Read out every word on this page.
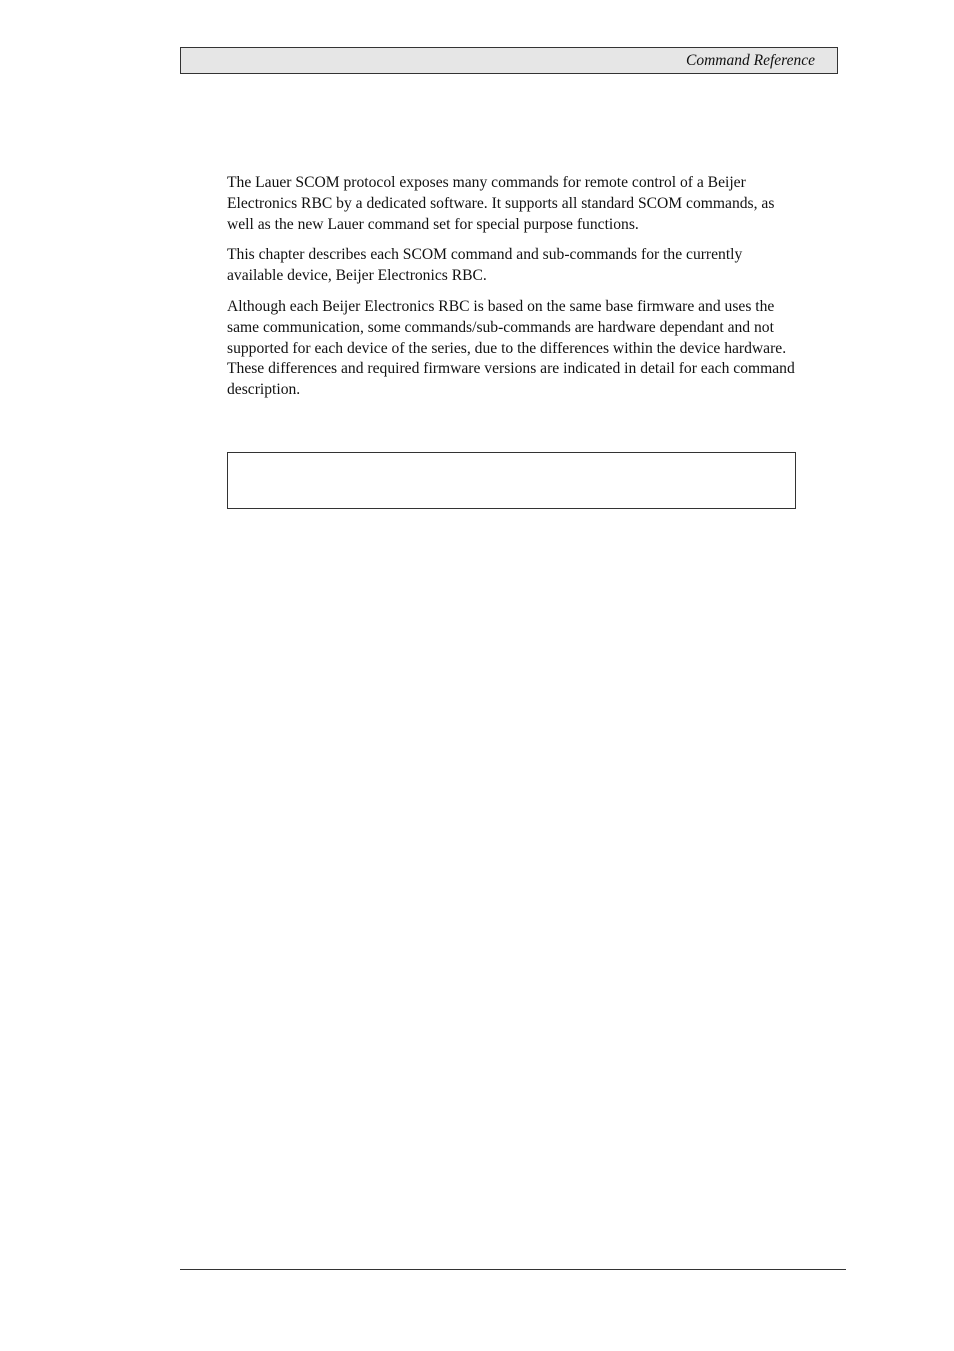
Command Reference

The Lauer SCOM protocol exposes many commands for remote control of a Beijer Electronics RBC by a dedicated software. It supports all standard SCOM commands, as well as the new Lauer command set for special purpose functions.

This chapter describes each SCOM command and sub-commands for the currently available device, Beijer Electronics RBC.

Although each Beijer Electronics RBC is based on the same base firmware and uses the same communication, some commands/sub-commands are hardware dependant and not supported for each device of the series, due to the differences within the device hardware. These differences and required firmware versions are indicated in detail for each command description.
